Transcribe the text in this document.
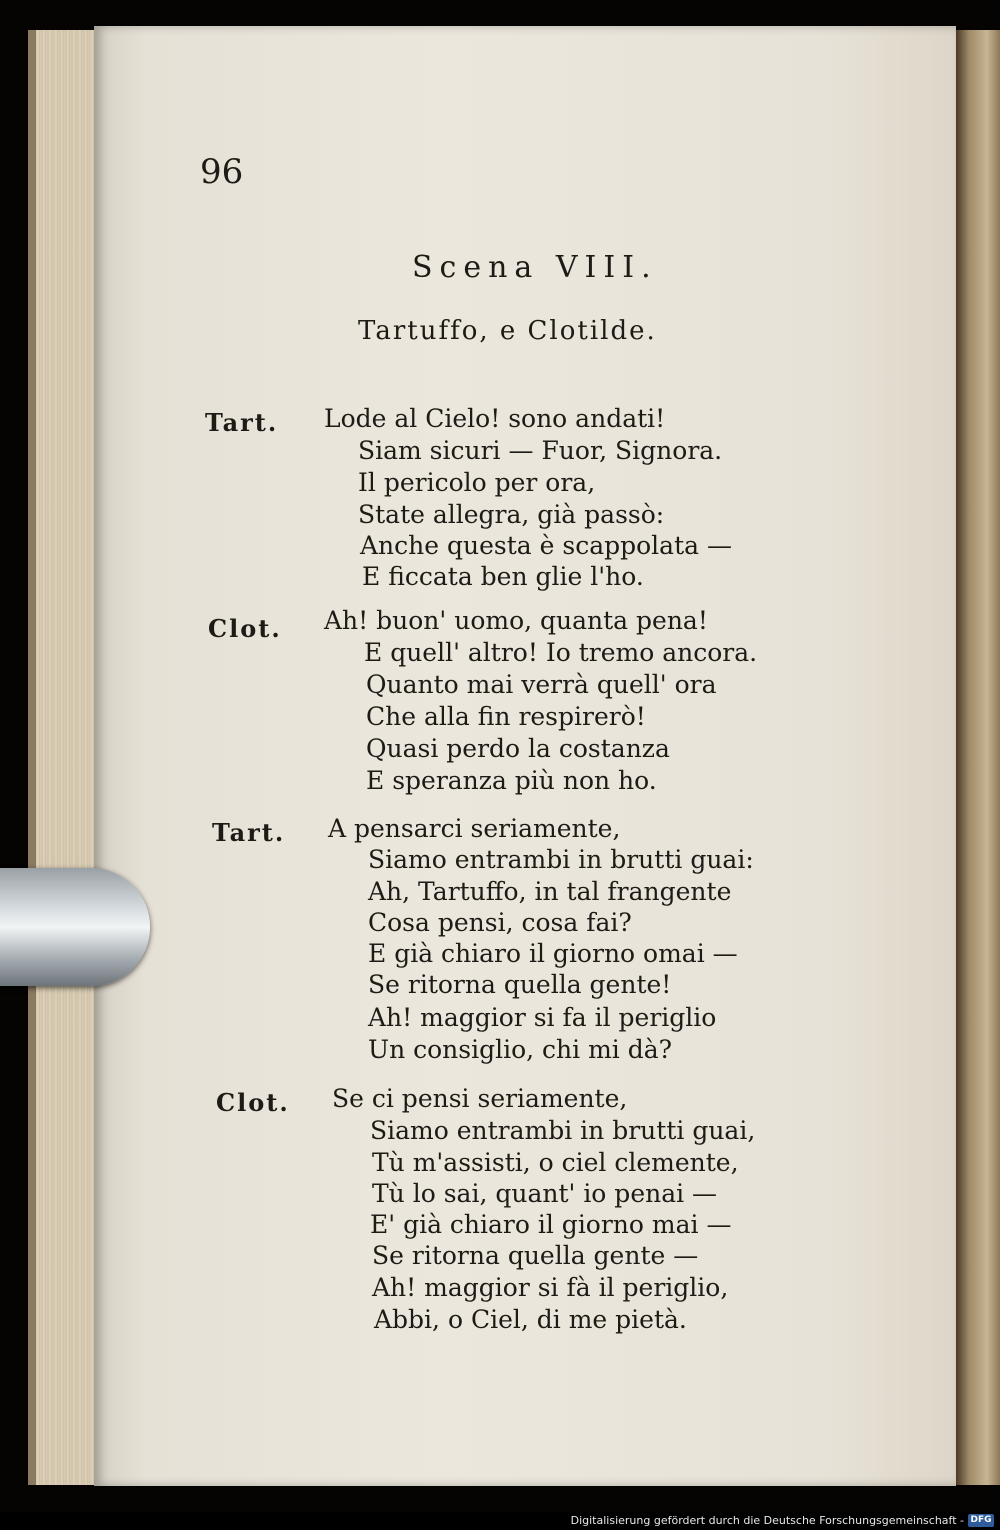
96
Scena VIII.
Tartuffo, e Clotilde.
Tart. Lode al Cielo! sono andati!
Siam sicuri — Fuor, Signora.
Il pericolo per ora,
State allegra, già passò:
Anche questa è scappolata —
E ficcata ben glie l'ho.
Clot. Ah! buon' uomo, quanta pena!
E quell' altro! Io tremo ancora.
Quanto mai verrà quell' ora
Che alla fin respirerò!
Quasi perdo la costanza
E speranza più non ho.
Tart. A pensarci seriamente,
Siamo entrambi in brutti guai:
Ah, Tartuffo, in tal frangente
Cosa pensi, cosa fai?
E già chiaro il giorno omai —
Se ritorna quella gente!
Ah! maggior si fa il periglio
Un consiglio, chi mi dà?
Clot. Se ci pensi seriamente,
Siamo entrambi in brutti guai,
Tù m'assisti, o ciel clemente,
Tù lo sai, quant' io penai —
E' già chiaro il giorno mai —
Se ritorna quella gente —
Ah! maggior si fà il periglio,
Abbi, o Ciel, di me pietà.
Digitalisierung gefördert durch die Deutsche Forschungsgemeinschaft - DFG
